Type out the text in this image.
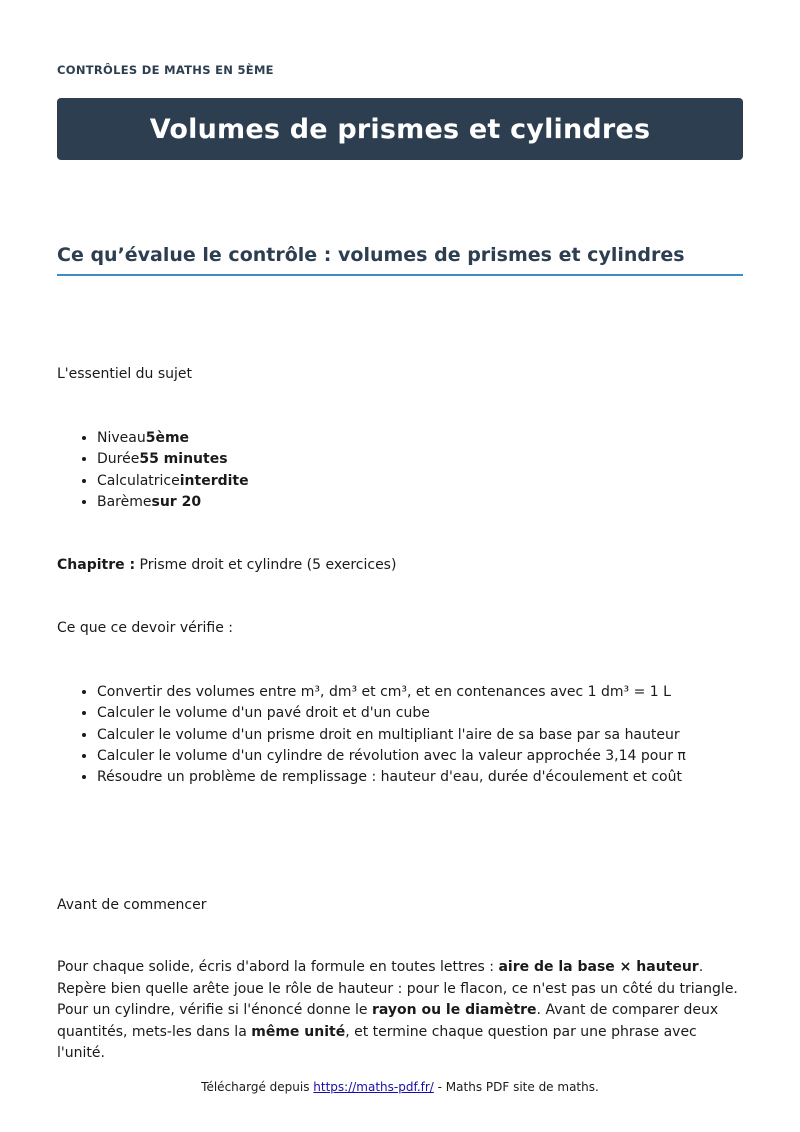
CONTRÔLES DE MATHS EN 5ÈME
Volumes de prismes et cylindres
Ce qu’évalue le contrôle : volumes de prismes et cylindres
L'essentiel du sujet
• Niveau5ème
• Durée55 minutes
• Calculatriceinterdite
• Barèmesur 20
Chapitre : Prisme droit et cylindre (5 exercices)
Ce que ce devoir vérifie :
• Convertir des volumes entre m³, dm³ et cm³, et en contenances avec 1 dm³ = 1 L
• Calculer le volume d'un pavé droit et d'un cube
• Calculer le volume d'un prisme droit en multipliant l'aire de sa base par sa hauteur
• Calculer le volume d'un cylindre de révolution avec la valeur approchée 3,14 pour π
• Résoudre un problème de remplissage : hauteur d'eau, durée d'écoulement et coût
Avant de commencer
Pour chaque solide, écris d'abord la formule en toutes lettres : aire de la base × hauteur. Repère bien quelle arête joue le rôle de hauteur : pour le flacon, ce n'est pas un côté du triangle. Pour un cylindre, vérifie si l'énoncé donne le rayon ou le diamètre. Avant de comparer deux quantités, mets-les dans la même unité, et termine chaque question par une phrase avec l'unité.
Téléchargé depuis https://maths-pdf.fr/ - Maths PDF site de maths.
